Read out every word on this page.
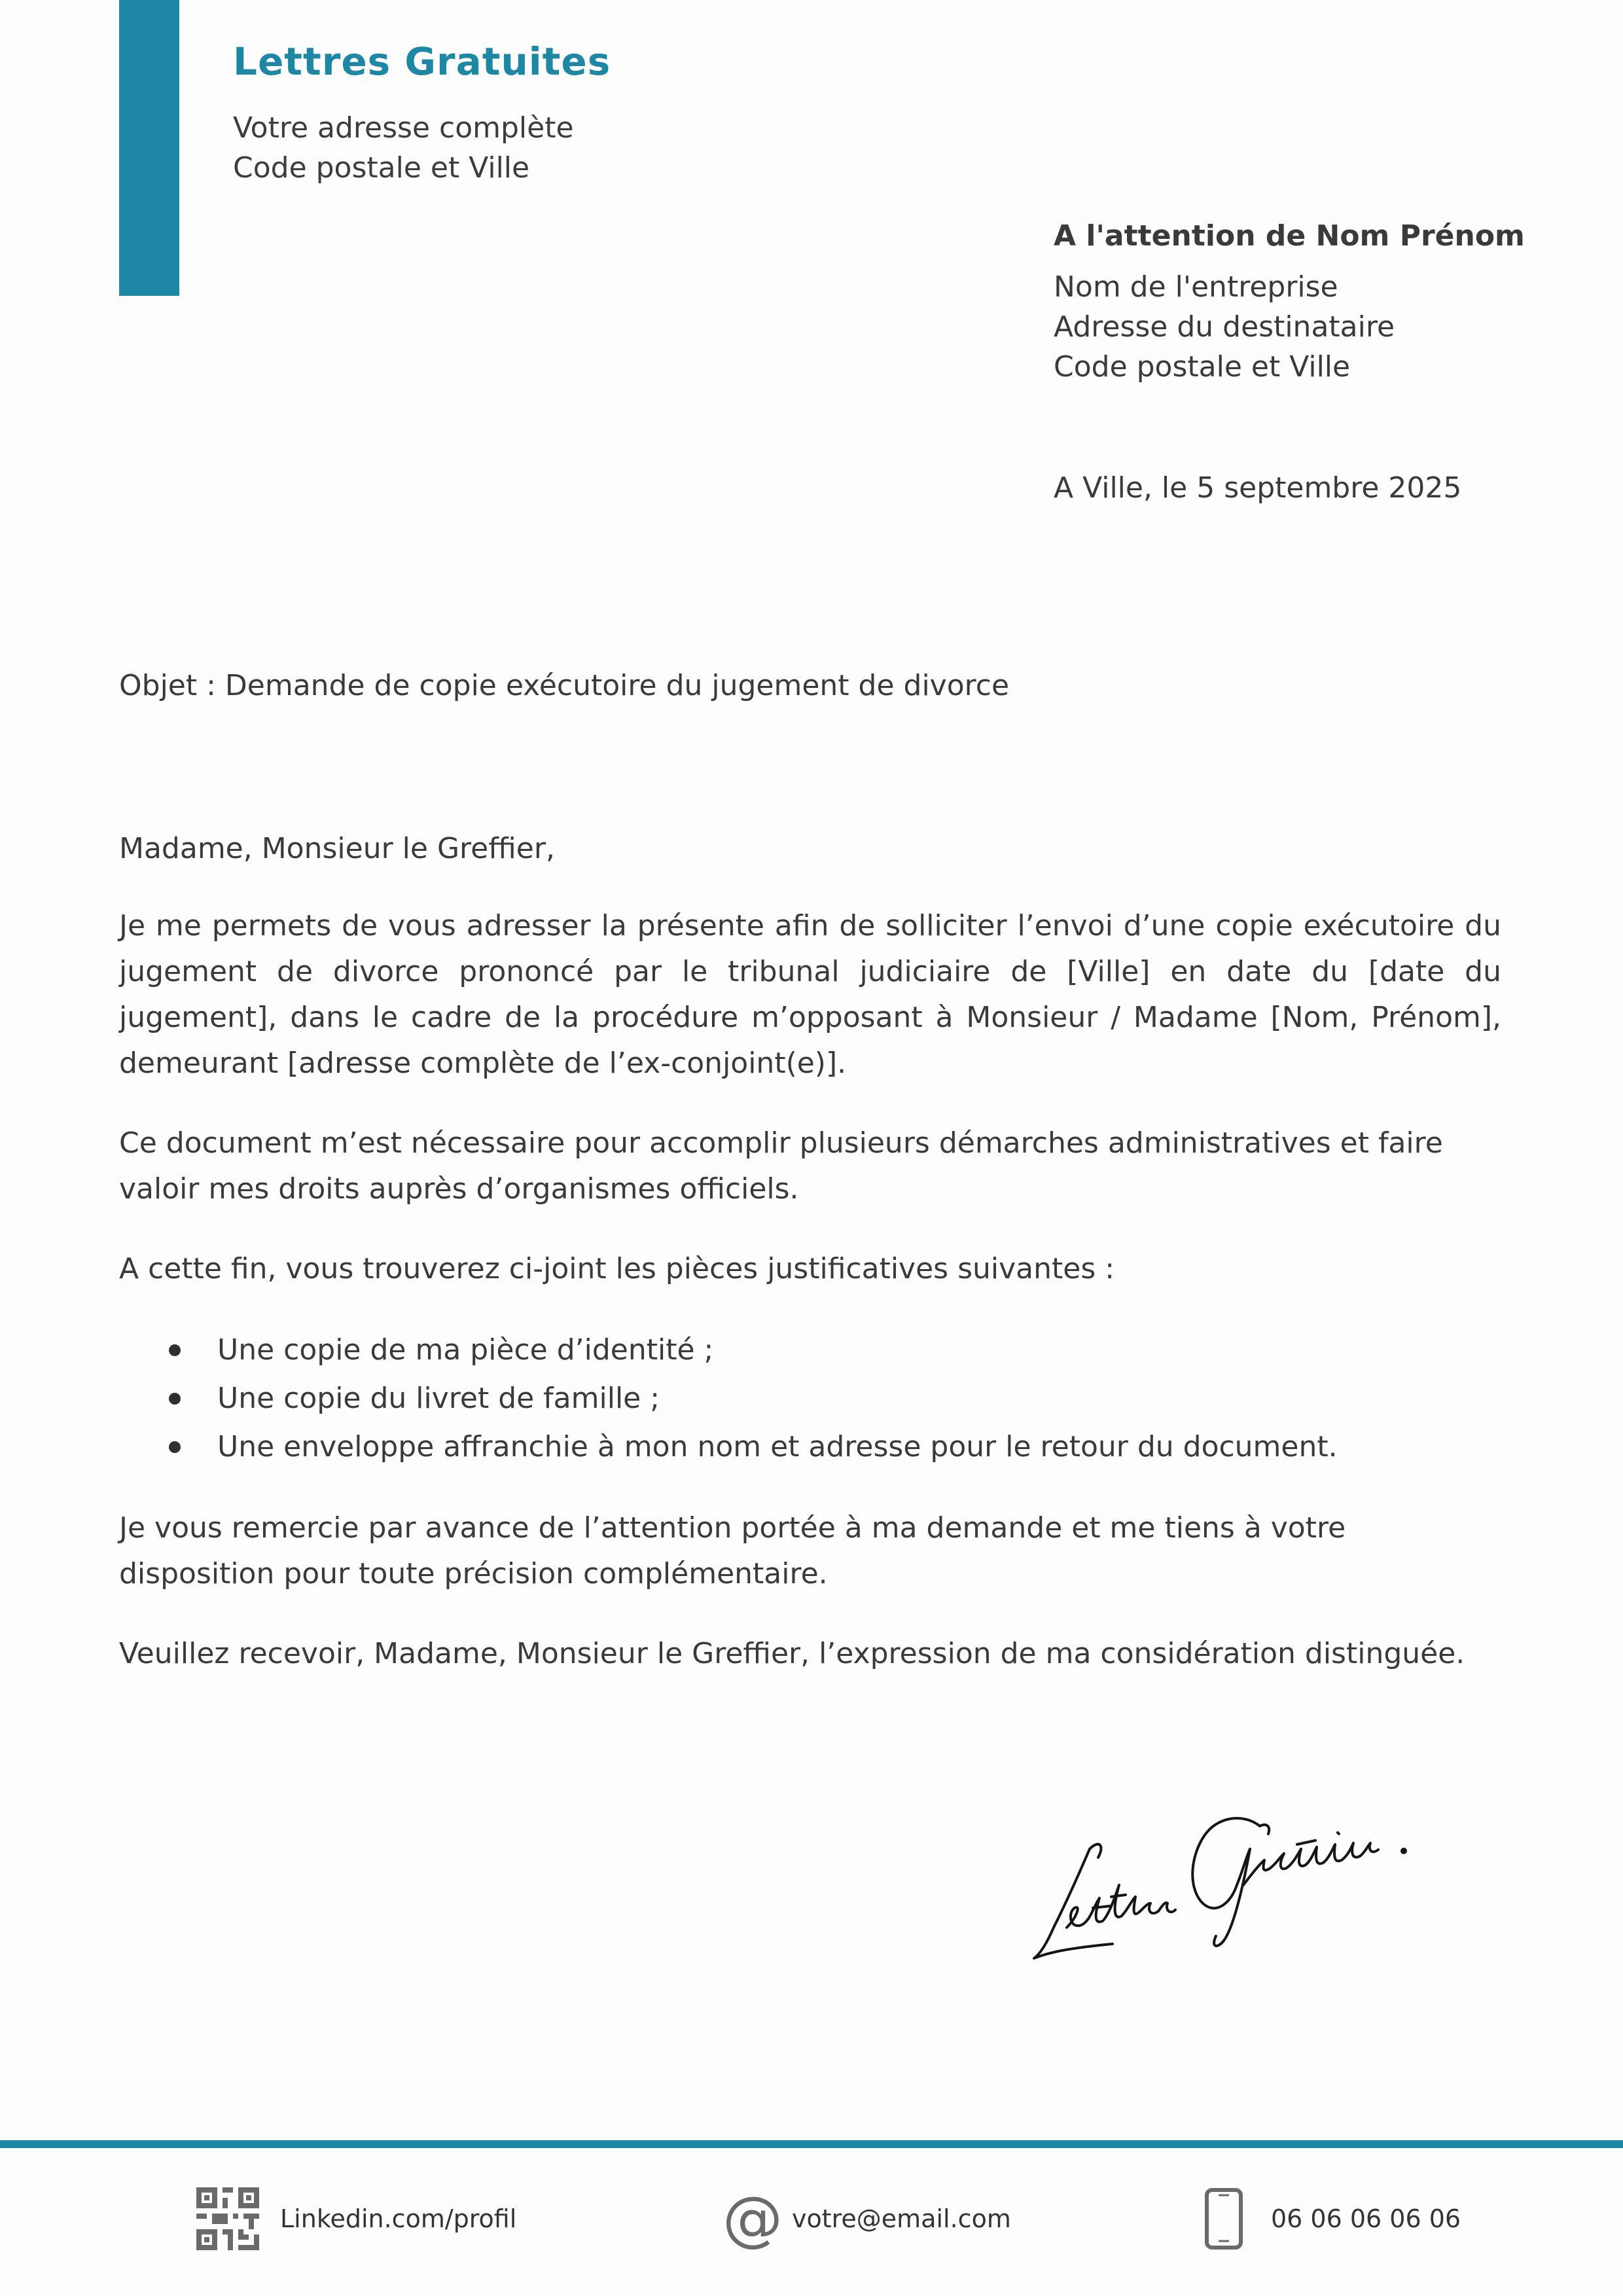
Lettres Gratuites
Votre adresse complète
Code postale et Ville
A l'attention de Nom Prénom
Nom de l'entreprise
Adresse du destinataire
Code postale et Ville
A Ville, le 5 septembre 2025
Objet : Demande de copie exécutoire du jugement de divorce

Madame, Monsieur le Greffier,

Je me permets de vous adresser la présente afin de solliciter l’envoi d’une copie exécutoire du jugement de divorce prononcé par le tribunal judiciaire de [Ville] en date du [date du jugement], dans le cadre de la procédure m’opposant à Monsieur / Madame [Nom, Prénom], demeurant [adresse complète de l’ex-conjoint(e)].

Ce document m’est nécessaire pour accomplir plusieurs démarches administratives et faire valoir mes droits auprès d’organismes officiels.

A cette fin, vous trouverez ci-joint les pièces justificatives suivantes :

Une copie de ma pièce d’identité ;
Une copie du livret de famille ;
Une enveloppe affranchie à mon nom et adresse pour le retour du document.

Je vous remercie par avance de l’attention portée à ma demande et me tiens à votre disposition pour toute précision complémentaire.

Veuillez recevoir, Madame, Monsieur le Greffier, l’expression de ma considération distinguée.

Linkedin.com/profil	@ votre@email.com	06 06 06 06 06
